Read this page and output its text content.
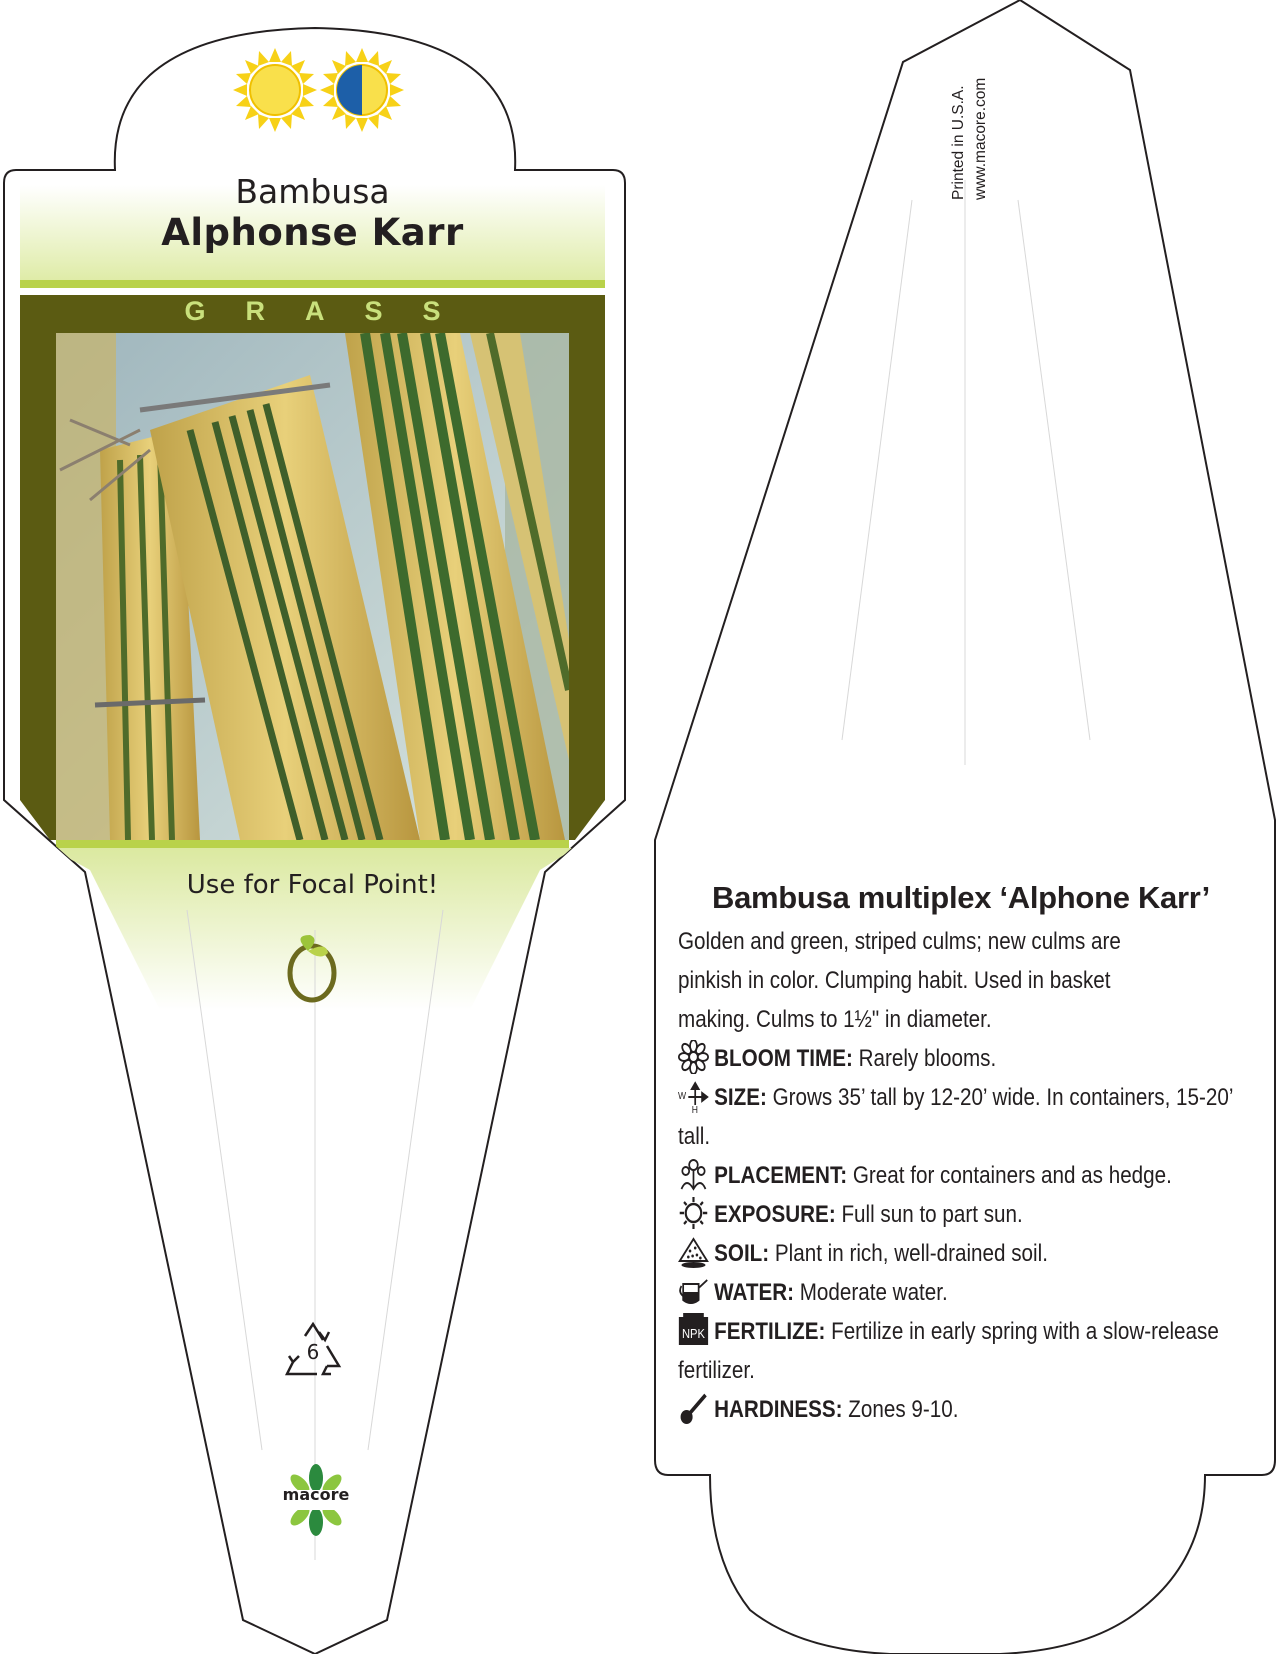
Bambusa
Alphonse Karr
GRASS
Use for Focal Point!
6
macore
Printed in U.S.A. www.macore.com
Bambusa multiplex ‘Alphone Karr’
Golden and green, striped culms; new culms are pinkish in color. Clumping habit. Used in basket making. Culms to 1½" in diameter.
BLOOM TIME: Rarely blooms.
W
H SIZE: Grows 35’ tall by 12-20’ wide. In containers, 15-20’ tall.
PLACEMENT: Great for containers and as hedge.
EXPOSURE: Full sun to part sun.
SOIL: Plant in rich, well-drained soil.
WATER: Moderate water.
NPK FERTILIZE: Fertilize in early spring with a slow-release fertilizer.
HARDINESS: Zones 9-10.
